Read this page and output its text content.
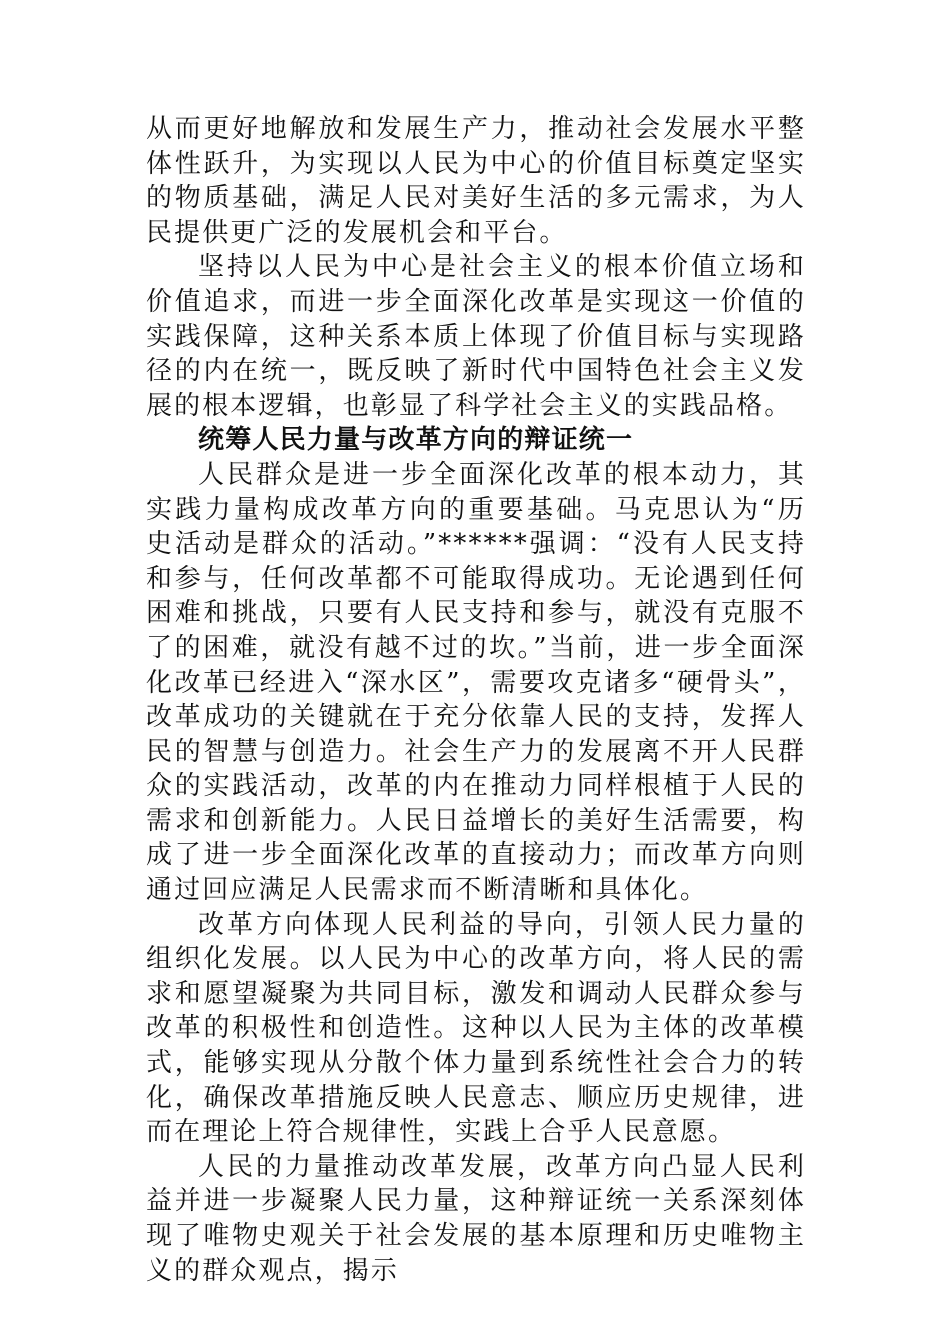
从而更好地解放和发展生产力，推动社会发展水平整体性跃升，为实现以人民为中心的价值目标奠定坚实的物质基础，满足人民对美好生活的多元需求，为人民提供更广泛的发展机会和平台。

坚持以人民为中心是社会主义的根本价值立场和价值追求，而进一步全面深化改革是实现这一价值的实践保障，这种关系本质上体现了价值目标与实现路径的内在统一，既反映了新时代中国特色社会主义发展的根本逻辑，也彰显了科学社会主义的实践品格。

统筹人民力量与改革方向的辩证统一

人民群众是进一步全面深化改革的根本动力，其实践力量构成改革方向的重要基础。马克思认为“历史活动是群众的活动。”******强调：“没有人民支持和参与，任何改革都不可能取得成功。无论遇到任何困难和挑战，只要有人民支持和参与，就没有克服不了的困难，就没有越不过的坎。”当前，进一步全面深化改革已经进入“深水区”，需要攻克诸多“硬骨头”，改革成功的关键就在于充分依靠人民的支持，发挥人民的智慧与创造力。社会生产力的发展离不开人民群众的实践活动，改革的内在推动力同样根植于人民的需求和创新能力。人民日益增长的美好生活需要，构成了进一步全面深化改革的直接动力；而改革方向则通过回应满足人民需求而不断清晰和具体化。

改革方向体现人民利益的导向，引领人民力量的组织化发展。以人民为中心的改革方向，将人民的需求和愿望凝聚为共同目标，激发和调动人民群众参与改革的积极性和创造性。这种以人民为主体的改革模式，能够实现从分散个体力量到系统性社会合力的转化，确保改革措施反映人民意志、顺应历史规律，进而在理论上符合规律性，实践上合乎人民意愿。

人民的力量推动改革发展，改革方向凸显人民利益并进一步凝聚人民力量，这种辩证统一关系深刻体现了唯物史观关于社会发展的基本原理和历史唯物主义的群众观点，揭示
